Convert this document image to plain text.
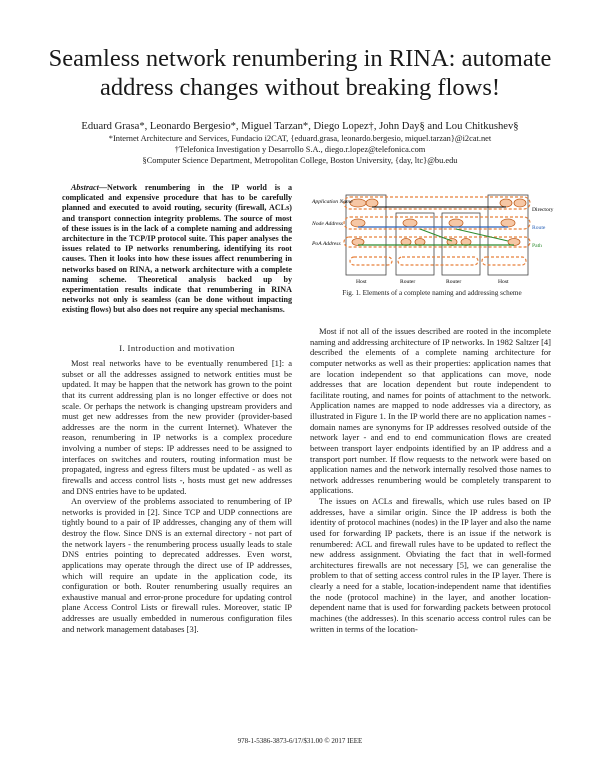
Seamless network renumbering in RINA: automate address changes without breaking flows!
Eduard Grasa*, Leonardo Bergesio*, Miguel Tarzan*, Diego Lopez†, John Day§ and Lou Chitkushev§
*Internet Architecture and Services, Fundacio i2CAT, {eduard.grasa, leonardo.bergesio, miquel.tarzan}@i2cat.net
†Telefonica Investigation y Desarrollo S.A., diego.r.lopez@telefonica.com
§Computer Science Department, Metropolitan College, Boston University, {day, ltc}@bu.edu

Abstract—Network renumbering in the IP world is a complicated and expensive procedure that has to be carefully planned and executed to avoid routing, security (firewall, ACLs) and transport connection integrity problems. The source of most of these issues is in the lack of a complete naming and addressing architecture in the TCP/IP protocol suite. This paper analyses the issues related to IP networks renumbering, identifying its root causes. Then it looks into how these issues affect renumbering in networks based on RINA, a network architecture with a complete naming scheme. Theoretical analysis backed up by experimentation results indicate that renumbering in RINA networks not only is seamless (can be done without impacting existing flows) but also does not require any special mechanisms.

I. Introduction and motivation

Most real networks have to be eventually renumbered [1]: a subset or all the addresses assigned to network entities must be updated. It may be happen that the network has grown to the point that its current addressing plan is no longer effective or does not scale. Or perhaps the network is changing upstream providers and must get new addresses from the new provider (provider-based addresses are the norm in the current Internet). Whatever the reason, renumbering in IP networks is a complex procedure involving a number of steps: IP addresses need to be assigned to interfaces on switches and routers, routing information must be propagated, ingress and egress filters must be updated - as well as firewalls and access control lists -, hosts must get new addresses and DNS entries have to be updated.

An overview of the problems associated to renumbering of IP networks is provided in [2]. Since TCP and UDP connections are tightly bound to a pair of IP addresses, changing any of them will destroy the flow. Since DNS is an external directory - not part of the network layers - the renumbering process usually leads to stale DNS entries pointing to deprecated addresses. Even worst, applications may operate through the direct use of IP addresses, which will require an update in the application code, its configuration or both. Router renumbering usually requires an exhaustive manual and error-prone procedure for updating control plane Access Control Lists or firewall rules. Moreover, static IP addresses are usually embedded in numerous configuration files and network management databases [3].

Application Name
Node Address
PoA Address
Directory
Route
Path
Host	Router	Router	Host
Fig. 1. Elements of a complete naming and addressing scheme

Most if not all of the issues described are rooted in the incomplete naming and addressing architecture of IP networks. In 1982 Saltzer [4] described the elements of a complete naming architecture for computer networks as well as their properties: application names that are location independent so that applications can move, node addresses that are location dependent but route independent to facilitate routing, and names for points of attachment to the network. Application names are mapped to node addresses via a directory, as illustrated in Figure 1. In the IP world there are no application names - domain names are synonyms for IP addresses resolved outside of the network layer - and end to end communication flows are created between transport layer endpoints identified by an IP address and a transport port number. If flow requests to the network were based on application names and the network internally resolved those names to network addresses renumbering would be completely transparent to applications.

The issues on ACLs and firewalls, which use rules based on IP addresses, have a similar origin. Since the IP address is both the identity of protocol machines (nodes) in the IP layer and also the name used for forwarding IP packets, there is an issue if the network is renumbered: ACL and firewall rules have to be updated to reflect the new address assignment. Obviating the fact that in well-formed architectures firewalls are not necessary [5], we can generalise the problem to that of setting access control rules in the IP layer. There is clearly a need for a stable, location-independent name that identifies the node (protocol machine) in the layer, and another location-dependent name that is used for forwarding packets between protocol machines (the addresses). In this scenario access control rules can be written in terms of the location-

978-1-5386-3873-6/17/$31.00 © 2017 IEEE
